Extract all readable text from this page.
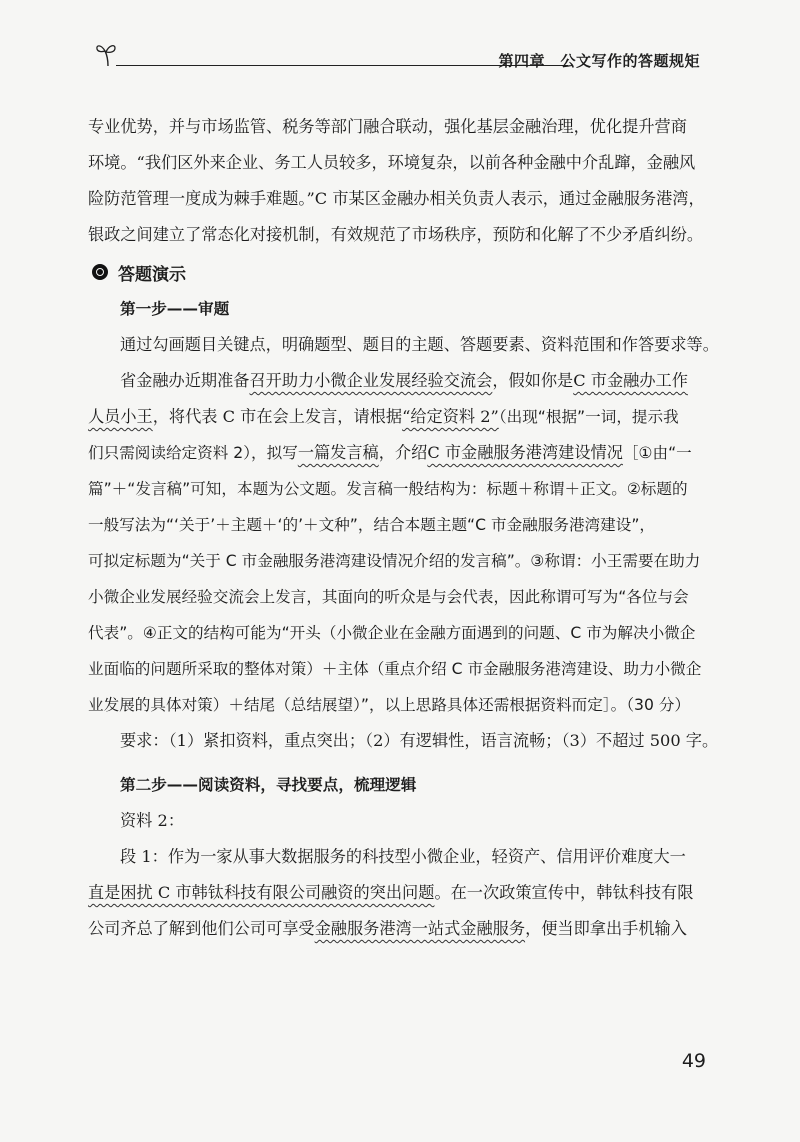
第四章　公文写作的答题规矩

专业优势，并与市场监管、税务等部门融合联动，强化基层金融治理，优化提升营商

环境。“我们区外来企业、务工人员较多，环境复杂，以前各种金融中介乱蹿，金融风

险防范管理一度成为棘手难题。”C 市某区金融办相关负责人表示，通过金融服务港湾，

银政之间建立了常态化对接机制，有效规范了市场秩序，预防和化解了不少矛盾纠纷。

答题演示

第一步——审题

通过勾画题目关键点，明确题型、题目的主题、答题要素、资料范围和作答要求等。

省金融办近期准备召开助力小微企业发展经验交流会，假如你是C 市金融办工作

人员小王，将代表 C 市在会上发言，请根据“给定资料 2”（出现“根据”一词，提示我

们只需阅读给定资料 2），拟写一篇发言稿，介绍C 市金融服务港湾建设情况［①由“一

篇”＋“发言稿”可知，本题为公文题。发言稿一般结构为：标题＋称谓＋正文。②标题的

一般写法为“‘关于’＋主题＋‘的’＋文种”，结合本题主题“C 市金融服务港湾建设”，

可拟定标题为“关于 C 市金融服务港湾建设情况介绍的发言稿”。③称谓：小王需要在助力

小微企业发展经验交流会上发言，其面向的听众是与会代表，因此称谓可写为“各位与会

代表”。④正文的结构可能为“开头（小微企业在金融方面遇到的问题、C 市为解决小微企

业面临的问题所采取的整体对策）＋主体（重点介绍 C 市金融服务港湾建设、助力小微企

业发展的具体对策）＋结尾（总结展望）”，以上思路具体还需根据资料而定］。（30 分）

要求：（1）紧扣资料，重点突出；（2）有逻辑性，语言流畅；（3）不超过 500 字。

第二步——阅读资料，寻找要点，梳理逻辑

资料 2：

段 1：作为一家从事大数据服务的科技型小微企业，轻资产、信用评价难度大一

直是困扰 C 市韩钛科技有限公司融资的突出问题。在一次政策宣传中，韩钛科技有限

公司齐总了解到他们公司可享受金融服务港湾一站式金融服务，便当即拿出手机输入

49
